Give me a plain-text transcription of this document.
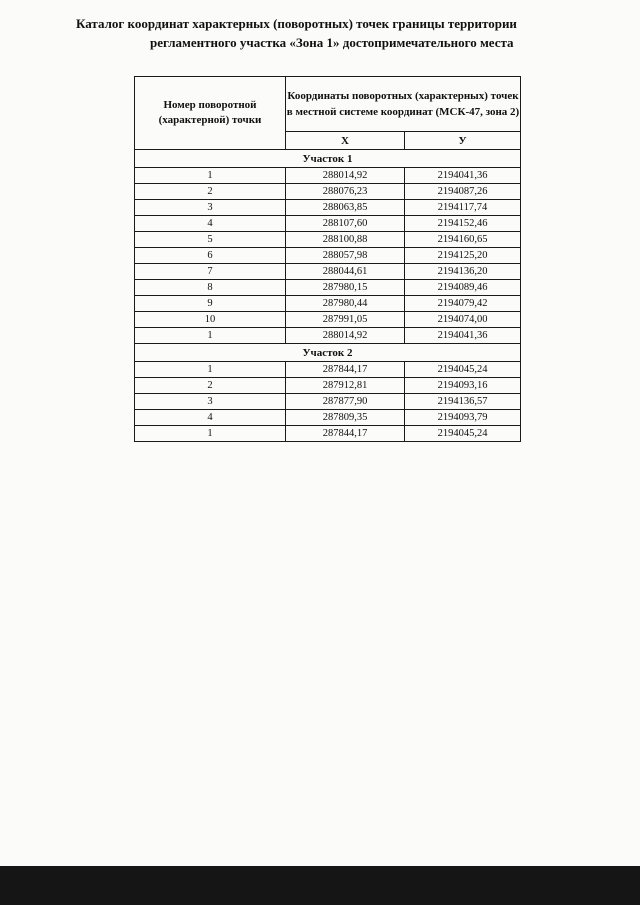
Каталог координат характерных (поворотных) точек границы территории
регламентного участка «Зона 1» достопримечательного места
Номер поворотной (характерной) точки	Координаты поворотных (характерных) точек в местной системе координат (МСК-47, зона 2)	
	Х	У
Участок 1		
1	288014,92	2194041,36
2	288076,23	2194087,26
3	288063,85	2194117,74
4	288107,60	2194152,46
5	288100,88	2194160,65
6	288057,98	2194125,20
7	288044,61	2194136,20
8	287980,15	2194089,46
9	287980,44	2194079,42
10	287991,05	2194074,00
1	288014,92	2194041,36
Участок 2		
1	287844,17	2194045,24
2	287912,81	2194093,16
3	287877,90	2194136,57
4	287809,35	2194093,79
1	287844,17	2194045,24
